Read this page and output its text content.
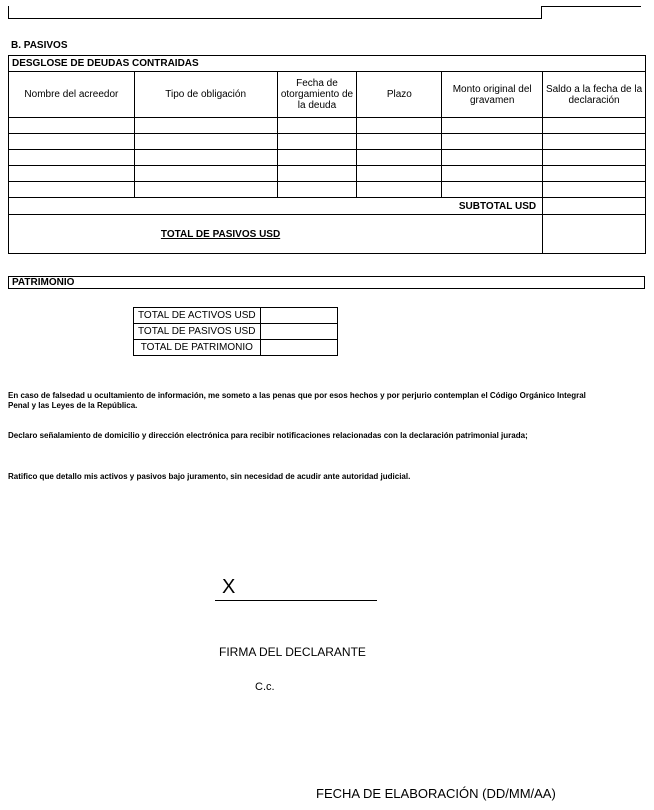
B. PASIVOS
DESGLOSE DE DEUDAS CONTRAIDAS					
Nombre del acreedor	Tipo de obligación	Fecha de otorgamiento de la deuda	Plazo	Monto original del gravamen	Saldo a la fecha de la declaración

SUBTOTAL USD					
TOTAL DE PASIVOS USD					
PATRIMONIO
TOTAL DE ACTIVOS USD	
TOTAL DE PASIVOS USD	
TOTAL DE PATRIMONIO	
En caso de falsedad u ocultamiento de información, me someto a las penas que por esos hechos y por perjurio contemplan el Código Orgánico Integral Penal y las Leyes de la República.
Declaro señalamiento de domicilio y dirección electrónica para recibir notificaciones relacionadas con la declaración patrimonial jurada;
Ratifico que detallo mis activos y pasivos bajo juramento, sin necesidad de acudir ante autoridad judicial.
X
FIRMA DEL DECLARANTE
C.c.
FECHA DE ELABORACIÓN (DD/MM/AA)
